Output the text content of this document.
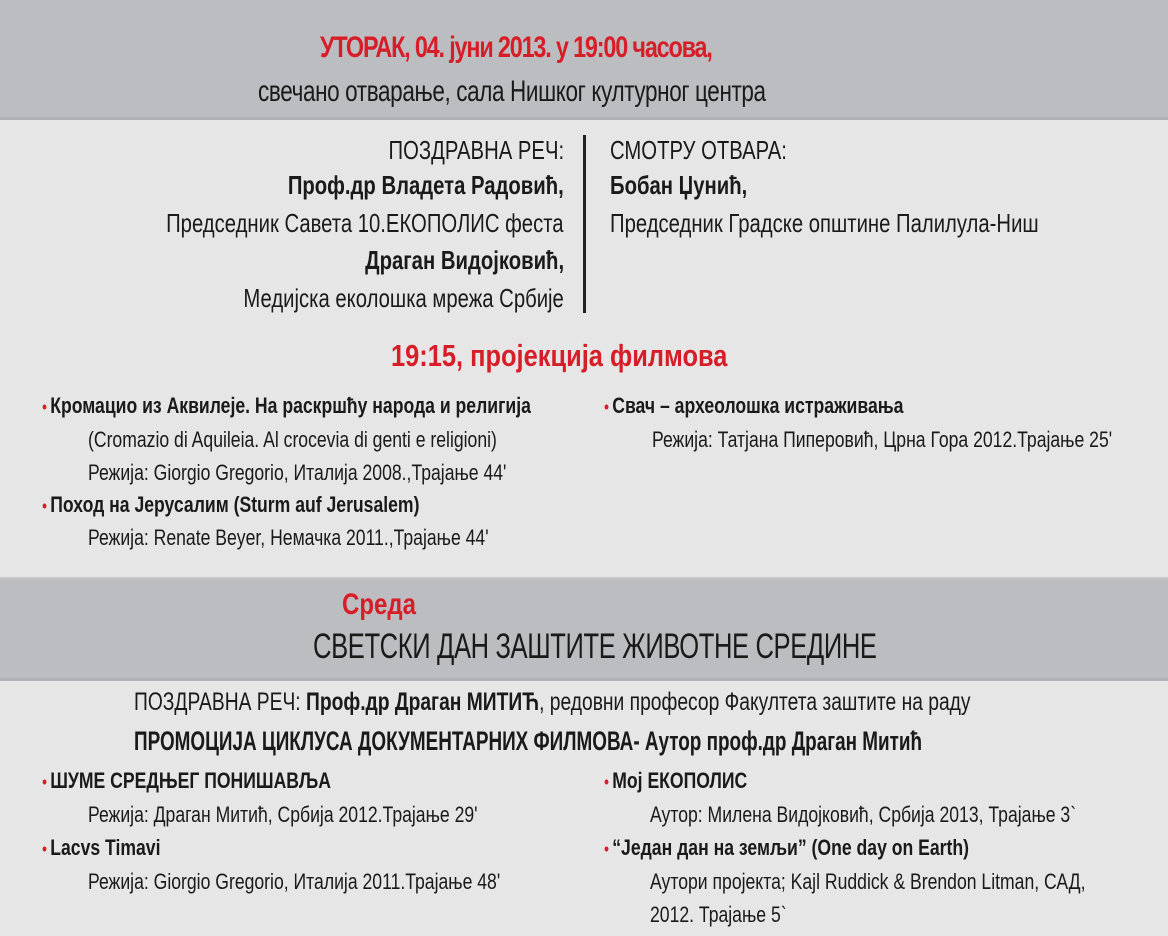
УТОРАК, 04. јуни 2013. у 19:00 часова,
свечано отварање, сала Нишког културног центра
ПОЗДРАВНА РЕЧ:
Проф.др Владета Радовић,
Председник Савета 10.ЕКОПОЛИС феста
Драган Видојковић,
Медијска еколошка мрежа Србије
СМОТРУ ОТВАРА:
Бобан Џунић,
Председник Градске општине Палилула-Ниш
19:15, пројекција филмова
• Кромацио из Аквилеје. На раскршћу народа и религија
(Cromazio di Aquileia. Al crocevia di genti e religioni)
Режија: Giorgio Gregorio, Италија 2008.,Трајање 44'
• Поход на Јерусалим (Sturm auf Jerusalem)
Режија: Renate Beyer, Немачка 2011.,Трајање 44'
• Свач – археолошка истраживања
Режија: Татјана Пиперовић, Црна Гора 2012.Трајање 25'
Среда
СВЕТСКИ ДАН ЗАШТИТЕ ЖИВОТНЕ СРЕДИНЕ
ПОЗДРАВНА РЕЧ: Проф.др Драган МИТИЋ, редовни професор Факултета заштите на раду
ПРОМОЦИЈА ЦИКЛУСА ДОКУМЕНТАРНИХ ФИЛМОВА- Аутор проф.др Драган Митић
• ШУМЕ СРЕДЊЕГ ПОНИШАВЉА
Режија: Драган Митић, Србија 2012.Трајање 29'
• Lacvs Timavi
Режија: Giorgio Gregorio, Италија 2011.Трајање 48'
• Мој ЕКОПОЛИС
Аутор: Милена Видојковић, Србија 2013, Трајање 3`
• “Један дан на земљи” (One day on Earth)
Аутори пројекта; Kajl Ruddick & Brendon Litman, САД,
2012. Трајање 5`
